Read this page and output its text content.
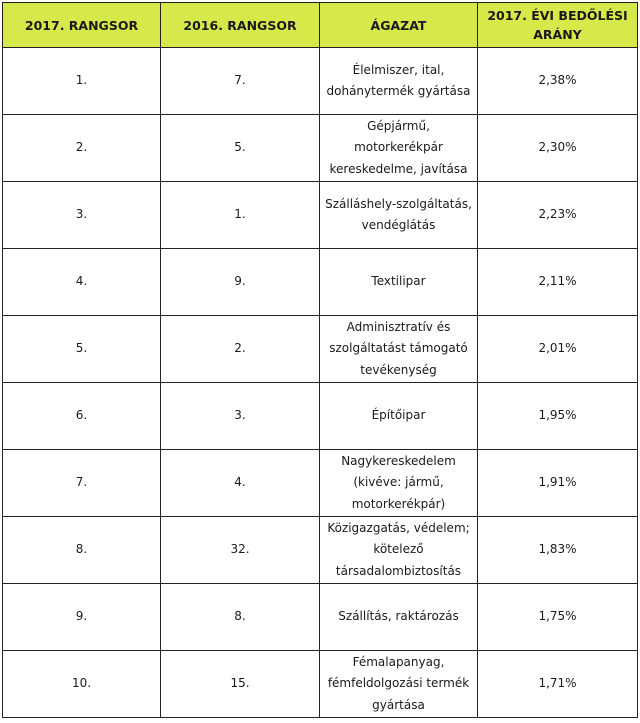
2017. RANGSOR	2016. RANGSOR	ÁGAZAT	2017. ÉVI BEDŐLÉSI ARÁNY
1.	7.	Élelmiszer, ital, dohánytermék gyártása	2,38%
2.	5.	Gépjármű, motorkerékpár kereskedelme, javítása	2,30%
3.	1.	Szálláshely-szolgáltatás, vendéglátás	2,23%
4.	9.	Textilipar	2,11%
5.	2.	Adminisztratív és szolgáltatást támogató tevékenység	2,01%
6.	3.	Építőipar	1,95%
7.	4.	Nagykereskedelem (kivéve: jármű, motorkerékpár)	1,91%
8.	32.	Közigazgatás, védelem; kötelező társadalombiztosítás	1,83%
9.	8.	Szállítás, raktározás	1,75%
10.	15.	Fémalapanyag, fémfeldolgozási termék gyártása	1,71%
